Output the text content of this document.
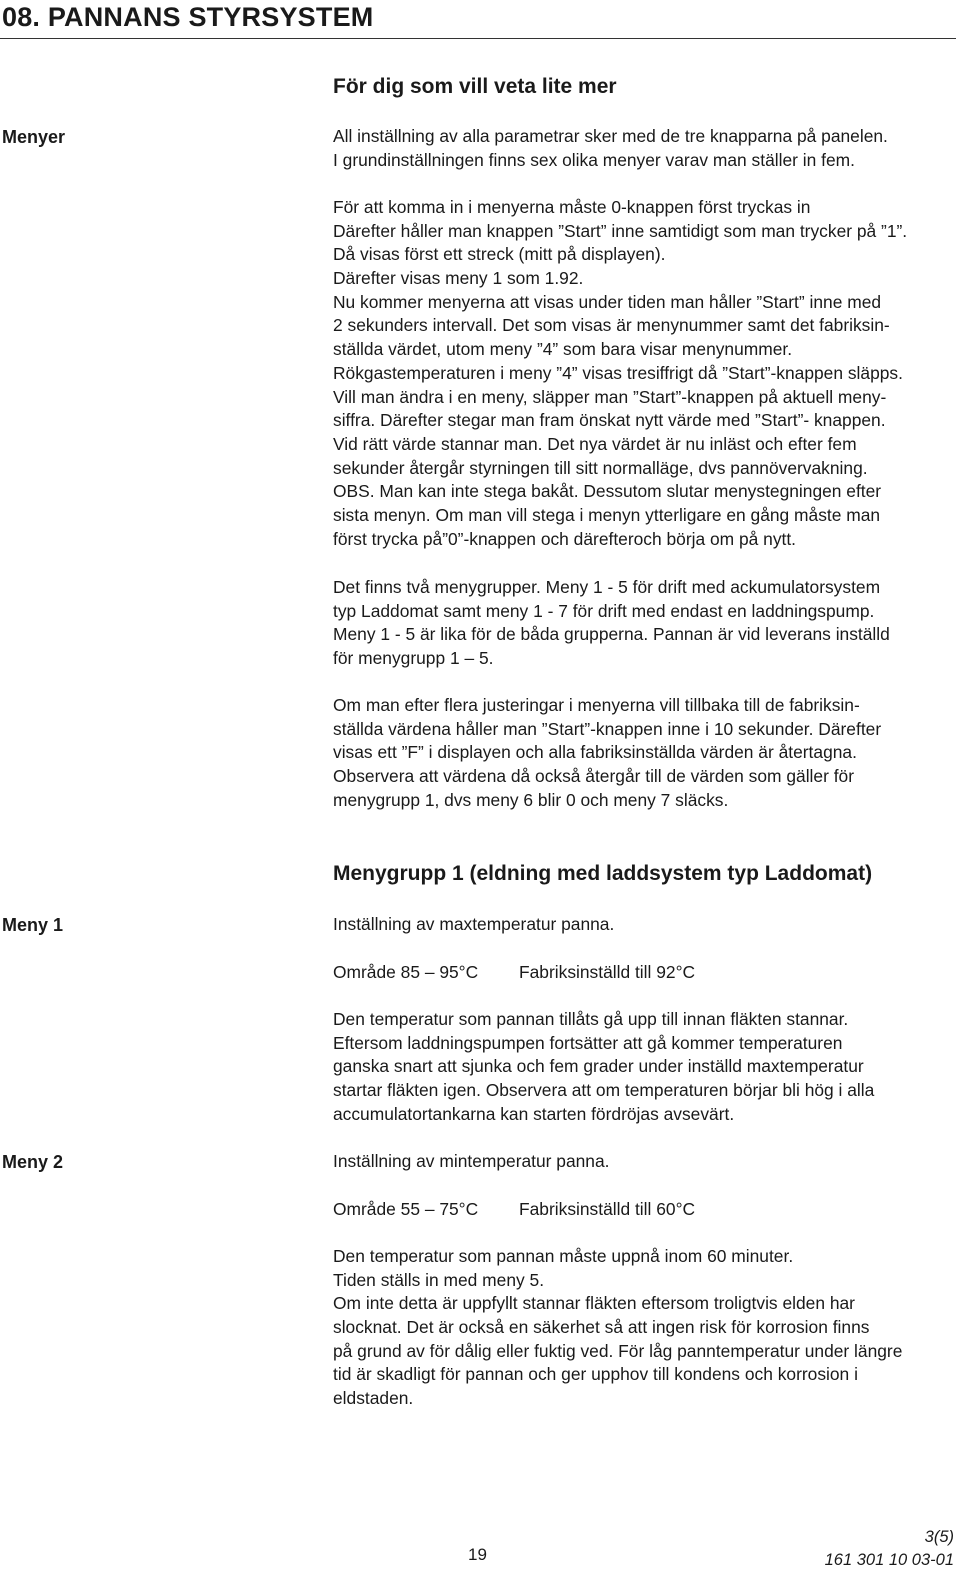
08. PANNANS STYRSYSTEM
För dig som vill veta lite mer
Menyer	All inställning av alla parametrar sker med de tre knapparna på panelen.
I grundinställningen finns sex olika menyer varav man ställer in fem.
För att komma in i menyerna måste 0-knappen först tryckas in
Därefter håller man knappen ”Start” inne samtidigt som man trycker på ”1”.
Då visas först ett streck (mitt på displayen).
Därefter visas meny 1 som 1.92.
Nu kommer menyerna att visas under tiden man håller ”Start” inne med
2 sekunders intervall. Det som visas är menynummer samt det fabriksin-
ställda värdet, utom meny ”4” som bara visar menynummer.
Rökgastemperaturen i meny ”4” visas tresiffrigt då ”Start”-knappen släpps.
Vill man ändra i en meny, släpper man ”Start”-knappen på aktuell meny-
siffra. Därefter stegar man fram önskat nytt värde med ”Start”- knappen.
Vid rätt värde stannar man. Det nya värdet är nu inläst och efter fem
sekunder återgår styrningen till sitt normalläge, dvs pannövervakning.
OBS. Man kan inte stega bakåt. Dessutom slutar menystegningen efter
sista menyn. Om man vill stega i menyn ytterligare en gång måste man
först trycka på”0”-knappen och därefteroch börja om på nytt.
Det finns två menygrupper. Meny 1 - 5 för drift med ackumulatorsystem
typ Laddomat samt meny 1 - 7 för drift med endast en laddningspump.
Meny 1 - 5 är lika för de båda grupperna. Pannan är vid leverans inställd
för menygrupp 1 – 5.
Om man efter flera justeringar i menyerna vill tillbaka till de fabriksin-
ställda värdena håller man ”Start”-knappen inne i 10 sekunder. Därefter
visas ett ”F” i displayen och alla fabriksinställda värden är återtagna.
Observera att värdena då också återgår till de värden som gäller för
menygrupp 1, dvs meny 6 blir 0 och meny 7 släcks.
Menygrupp 1 (eldning med laddsystem typ Laddomat)
Meny 1	Inställning av maxtemperatur panna.
Område 85 – 95°C Fabriksinställd till 92°C
Den temperatur som pannan tillåts gå upp till innan fläkten stannar.
Eftersom laddningspumpen fortsätter att gå kommer temperaturen
ganska snart att sjunka och fem grader under inställd maxtemperatur
startar fläkten igen. Observera att om temperaturen börjar bli hög i alla
accumulatortankarna kan starten fördröjas avsevärt.
Meny 2	Inställning av mintemperatur panna.
Område 55 – 75°C Fabriksinställd till 60°C
Den temperatur som pannan måste uppnå inom 60 minuter.
Tiden ställs in med meny 5.
Om inte detta är uppfyllt stannar fläkten eftersom troligtvis elden har
slocknat. Det är också en säkerhet så att ingen risk för korrosion finns
på grund av för dålig eller fuktig ved. För låg panntemperatur under längre
tid är skadligt för pannan och ger upphov till kondens och korrosion i
eldstaden.
19
3(5)
161 301 10 03-01
